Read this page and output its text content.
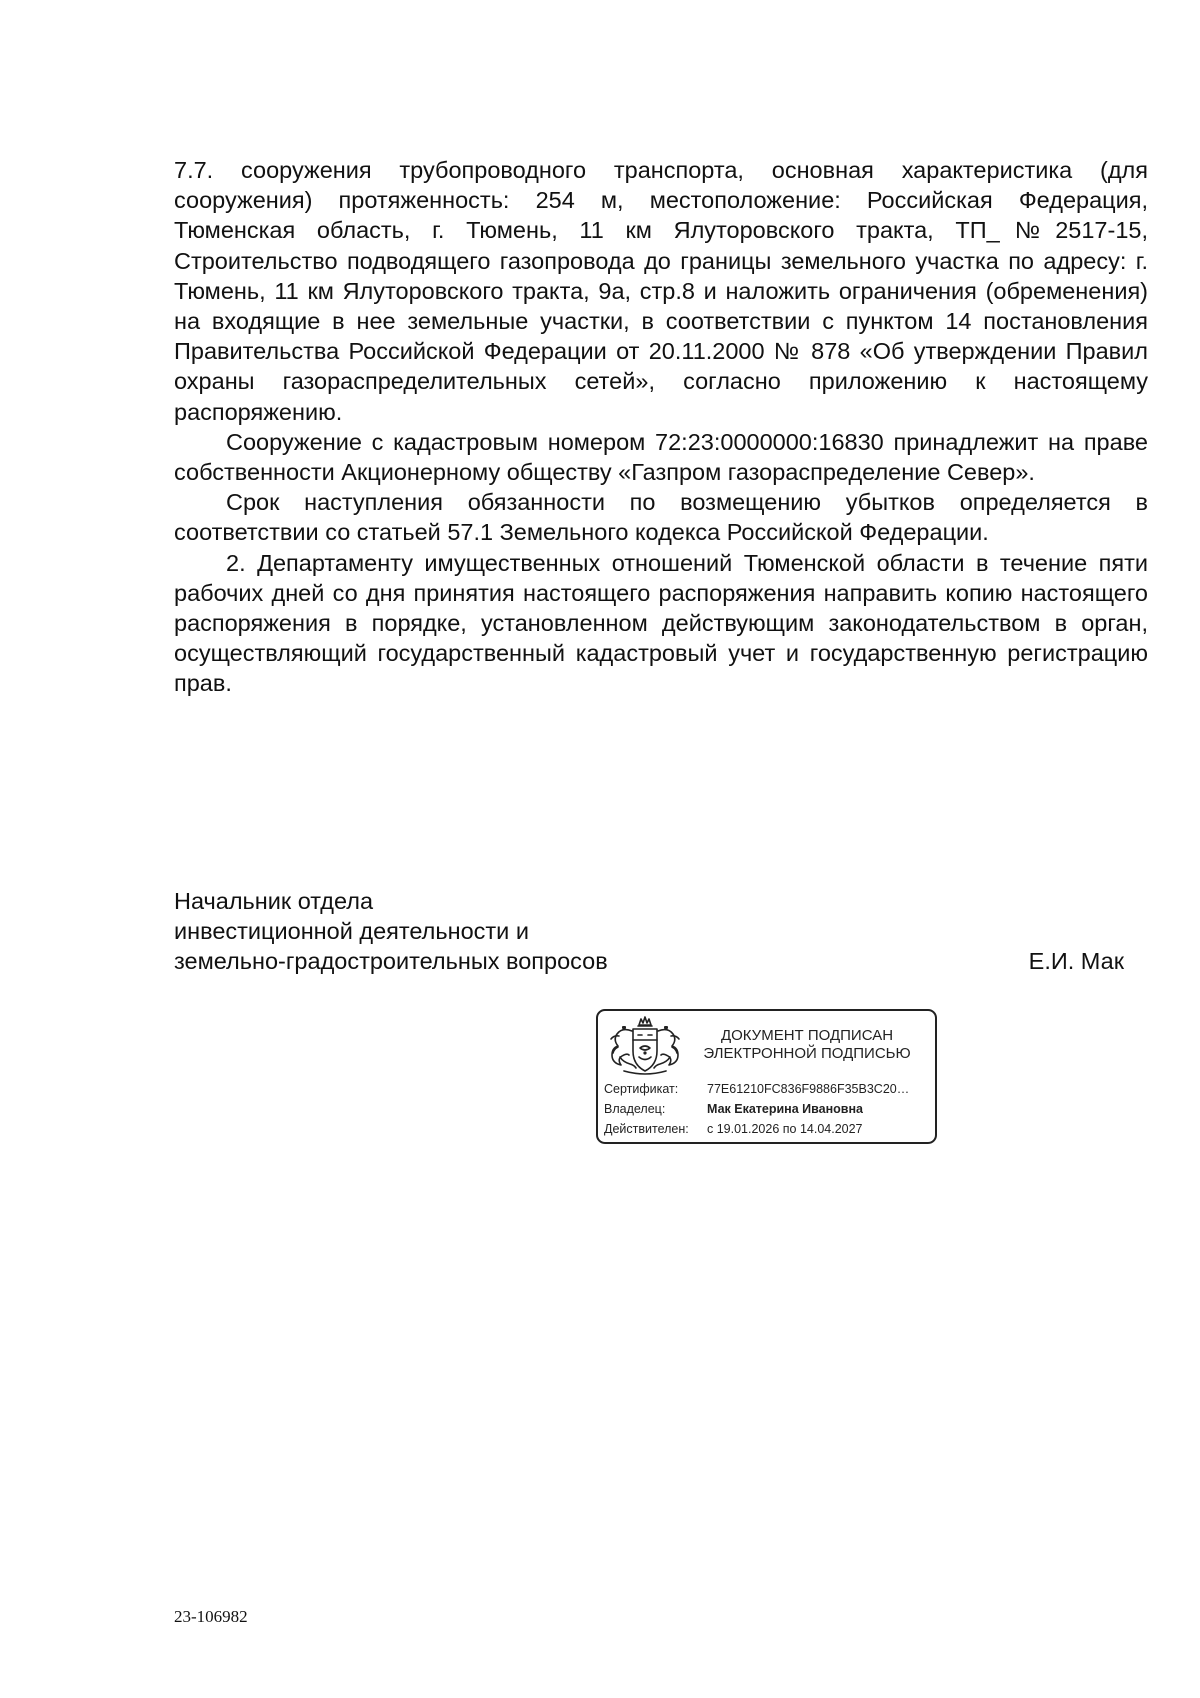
7.7. сооружения трубопроводного транспорта, основная характеристика (для сооружения) протяженность: 254 м, местоположение: Российская Федерация, Тюменская область, г. Тюмень, 11 км Ялуторовского тракта, ТП_№2517-15, Строительство подводящего газопровода до границы земельного участка по адресу: г. Тюмень, 11 км Ялуторовского тракта, 9а, стр.8 и наложить ограничения (обременения) на входящие в нее земельные участки, в соответствии с пунктом 14 постановления Правительства Российской Федерации от 20.11.2000 № 878 «Об утверждении Правил охраны газораспределительных сетей», согласно приложению к настоящему распоряжению.

Сооружение с кадастровым номером 72:23:0000000:16830 принадлежит на праве собственности Акционерному обществу «Газпром газораспределение Север».

Срок наступления обязанности по возмещению убытков определяется в соответствии со статьей 57.1 Земельного кодекса Российской Федерации.

2. Департаменту имущественных отношений Тюменской области в течение пяти рабочих дней со дня принятия настоящего распоряжения направить копию настоящего распоряжения в порядке, установленном действующим законодательством в орган, осуществляющий государственный кадастровый учет и государственную регистрацию прав.

Начальник отдела
инвестиционной деятельности и
земельно-градостроительных вопросов	Е.И. Мак
ДОКУМЕНТ ПОДПИСАН
ЭЛЕКТРОННОЙ ПОДПИСЬЮ
Сертификат: 77E61210FC836F9886F35B3C20…
Владелец:	Мак Екатерина Ивановна
Действителен: с 19.01.2026 по 14.04.2027
23-106982
